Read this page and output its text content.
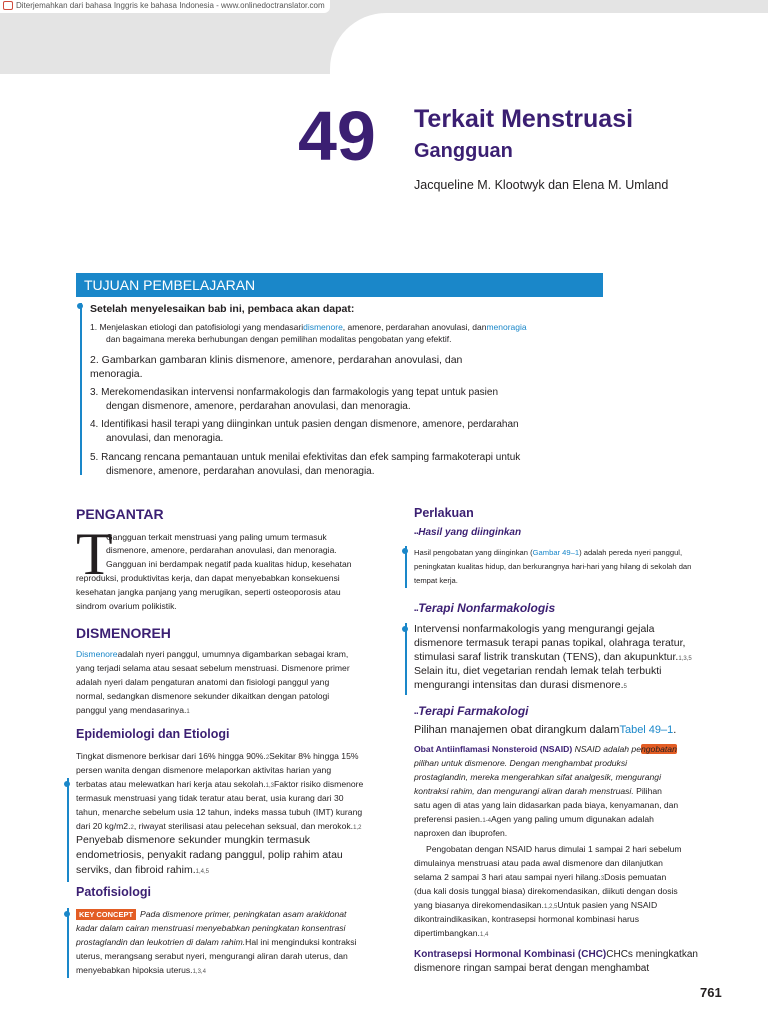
Diterjemahkan dari bahasa Inggris ke bahasa Indonesia - www.onlinedoctranslator.com
49 Terkait Menstruasi
Gangguan
Jacqueline M. Klootwyk dan Elena M. Umland
TUJUAN PEMBELAJARAN
Setelah menyelesaikan bab ini, pembaca akan dapat:
1. Menjelaskan etiologi dan patofisiologi yang mendasaridismenore, amenore, perdarahan anovulasi, danmenoragia
dan bagaimana mereka berhubungan dengan pemilihan modalitas pengobatan yang efektif.
2. Gambarkan gambaran klinis dismenore, amenore, perdarahan anovulasi, dan
menoragia.
3. Merekomendasikan intervensi nonfarmakologis dan farmakologis yang tepat untuk pasien
dengan dismenore, amenore, perdarahan anovulasi, dan menoragia.
4. Identifikasi hasil terapi yang diinginkan untuk pasien dengan dismenore, amenore, perdarahan
anovulasi, dan menoragia.
5. Rancang rencana pemantauan untuk menilai efektivitas dan efek samping farmakoterapi untuk
dismenore, amenore, perdarahan anovulasi, dan menoragia.
PENGANTAR
T
Gangguan terkait menstruasi yang paling umum termasuk
dismenore, amenore, perdarahan anovulasi, dan menoragia.
Gangguan ini berdampak negatif pada kualitas hidup, kesehatan
reproduksi, produktivitas kerja, dan dapat menyebabkan konsekuensi
kesehatan jangka panjang yang merugikan, seperti osteoporosis atau
sindrom ovarium polikistik.
DISMENOREH
Dismenoreadalah nyeri panggul, umumnya digambarkan sebagai kram,
yang terjadi selama atau sesaat sebelum menstruasi. Dismenore primer
adalah nyeri dalam pengaturan anatomi dan fisiologi panggul yang
normal, sedangkan dismenore sekunder dikaitkan dengan patologi
panggul yang mendasarinya.1
Epidemiologi dan Etiologi
Tingkat dismenore berkisar dari 16% hingga 90%.2Sekitar 8% hingga 15%
persen wanita dengan dismenore melaporkan aktivitas harian yang
terbatas atau melewatkan hari kerja atau sekolah.1,3Faktor risiko dismenore
termasuk menstruasi yang tidak teratur atau berat, usia kurang dari 30
tahun, menarche sebelum usia 12 tahun, indeks massa tubuh (IMT) kurang
dari 20 kg/m2.2, riwayat sterilisasi atau pelecehan seksual, dan merokok.1,2
Penyebab dismenore sekunder mungkin termasuk
endometriosis, penyakit radang panggul, polip rahim atau
serviks, dan fibroid rahim.1,4,5
Patofisiologi
KEY CONCEPT Pada dismenore primer, peningkatan asam arakidonat
kadar dalam cairan menstruasi menyebabkan peningkatan konsentrasi
prostaglandin dan leukotrien di dalam rahim.Hal ini menginduksi kontraksi
uterus, merangsang serabut nyeri, mengurangi aliran darah uterus, dan
menyebabkan hipoksia uterus.1,3,4
Perlakuan
▪▪Hasil yang diinginkan
Hasil pengobatan yang diinginkan (Gambar 49–1) adalah pereda nyeri panggul,
peningkatan kualitas hidup, dan berkurangnya hari-hari yang hilang di sekolah dan
tempat kerja.
▪▪Terapi Nonfarmakologis
Intervensi nonfarmakologis yang mengurangi gejala
dismenore termasuk terapi panas topikal, olahraga teratur,
stimulasi saraf listrik transkutan (TENS), dan akupunktur.1,3,5
Selain itu, diet vegetarian rendah lemak telah terbukti
mengurangi intensitas dan durasi dismenore.5
▪▪Terapi Farmakologi
Pilihan manajemen obat dirangkum dalamTabel 49–1.
Obat Antiinflamasi Nonsteroid (NSAID) NSAID adalah pengobatan
pilihan untuk dismenore. Dengan menghambat produksi
prostaglandin, mereka mengerahkan sifat analgesik, mengurangi
kontraksi rahim, dan mengurangi aliran darah menstruasi. Pilihan
satu agen di atas yang lain didasarkan pada biaya, kenyamanan, dan
preferensi pasien.1-4Agen yang paling umum digunakan adalah
naproxen dan ibuprofen.
Pengobatan dengan NSAID harus dimulai 1 sampai 2 hari sebelum
dimulainya menstruasi atau pada awal dismenore dan dilanjutkan
selama 2 sampai 3 hari atau sampai nyeri hilang.3Dosis pemuatan
(dua kali dosis tunggal biasa) direkomendasikan, diikuti dengan dosis
yang biasanya direkomendasikan.1,2,5Untuk pasien yang NSAID
dikontraindikasikan, kontrasepsi hormonal kombinasi harus
dipertimbangkan.1,4
Kontrasepsi Hormonal Kombinasi (CHC)CHCs meningkatkan
dismenore ringan sampai berat dengan menghambat
761
